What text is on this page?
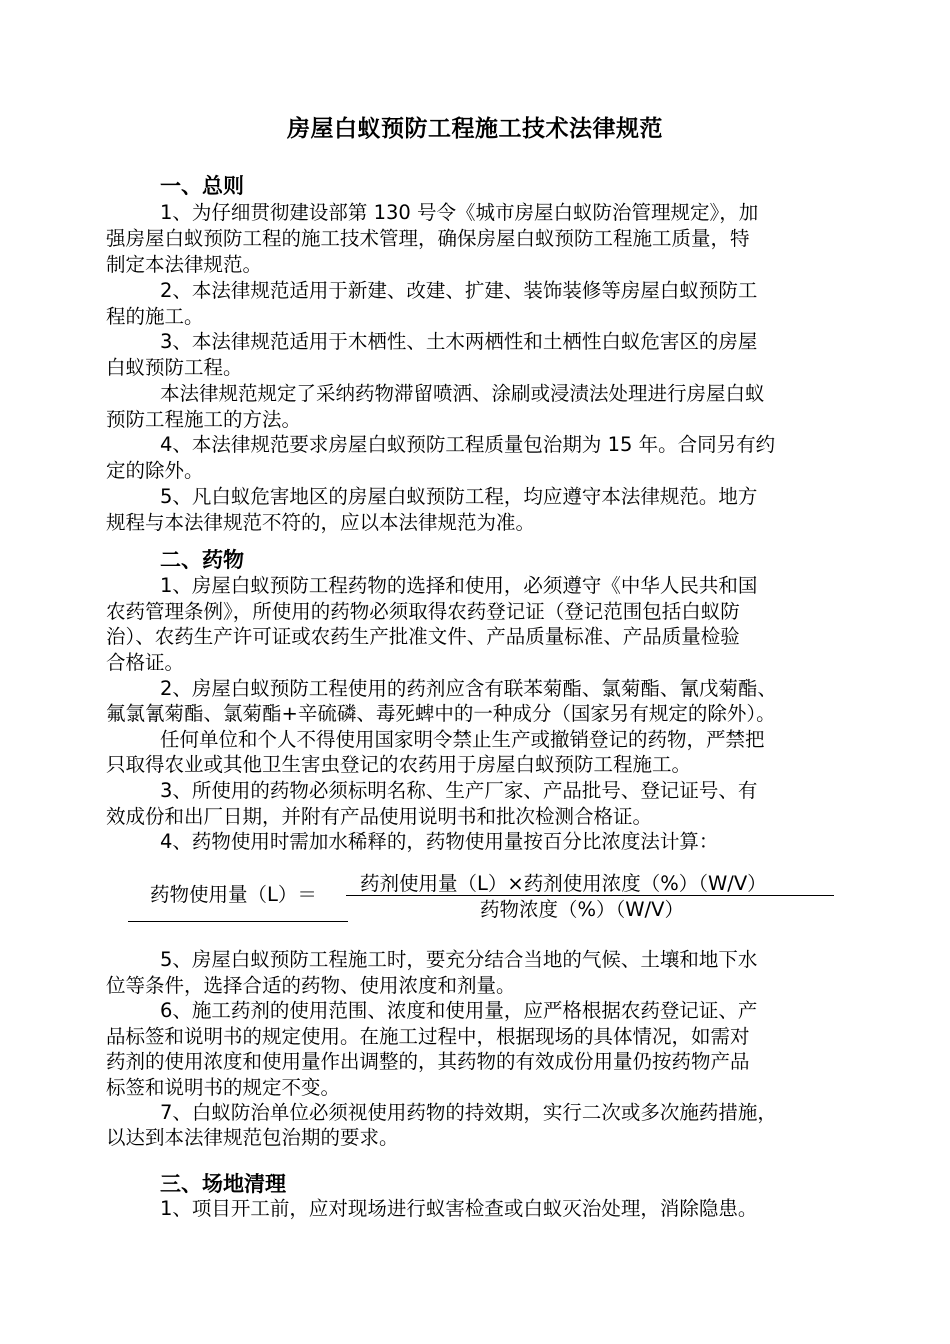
房屋白蚁预防工程施工技术法律规范
一、总则
1、为仔细贯彻建设部第 130 号令《城市房屋白蚁防治管理规定》，加
强房屋白蚁预防工程的施工技术管理，确保房屋白蚁预防工程施工质量，特
制定本法律规范。
2、本法律规范适用于新建、改建、扩建、装饰装修等房屋白蚁预防工
程的施工。
3、本法律规范适用于木栖性、土木两栖性和土栖性白蚁危害区的房屋
白蚁预防工程。
本法律规范规定了采纳药物滞留喷洒、涂刷或浸渍法处理进行房屋白蚁
预防工程施工的方法。
4、本法律规范要求房屋白蚁预防工程质量包治期为 15 年。合同另有约
定的除外。
5、凡白蚁危害地区的房屋白蚁预防工程，均应遵守本法律规范。地方
规程与本法律规范不符的，应以本法律规范为准。
二、药物
1、房屋白蚁预防工程药物的选择和使用，必须遵守《中华人民共和国
农药管理条例》，所使用的药物必须取得农药登记证（登记范围包括白蚁防
治）、农药生产许可证或农药生产批准文件、产品质量标准、产品质量检验
合格证。
2、房屋白蚁预防工程使用的药剂应含有联苯菊酯、氯菊酯、氰戊菊酯、
氟氯氰菊酯、氯菊酯+辛硫磷、毒死蜱中的一种成分（国家另有规定的除外）。
任何单位和个人不得使用国家明令禁止生产或撤销登记的药物，严禁把
只取得农业或其他卫生害虫登记的农药用于房屋白蚁预防工程施工。
3、所使用的药物必须标明名称、生产厂家、产品批号、登记证号、有
效成份和出厂日期，并附有产品使用说明书和批次检测合格证。
4、药物使用时需加水稀释的，药物使用量按百分比浓度法计算：
药物使用量（L）＝ 药剂使用量（L）×药剂使用浓度（%）（W/V）
药物浓度（%）（W/V）
5、房屋白蚁预防工程施工时，要充分结合当地的气候、土壤和地下水
位等条件，选择合适的药物、使用浓度和剂量。
6、施工药剂的使用范围、浓度和使用量，应严格根据农药登记证、产
品标签和说明书的规定使用。在施工过程中，根据现场的具体情况，如需对
药剂的使用浓度和使用量作出调整的，其药物的有效成份用量仍按药物产品
标签和说明书的规定不变。
7、白蚁防治单位必须视使用药物的持效期，实行二次或多次施药措施，
以达到本法律规范包治期的要求。
三、场地清理
1、项目开工前，应对现场进行蚁害检查或白蚁灭治处理，消除隐患。
